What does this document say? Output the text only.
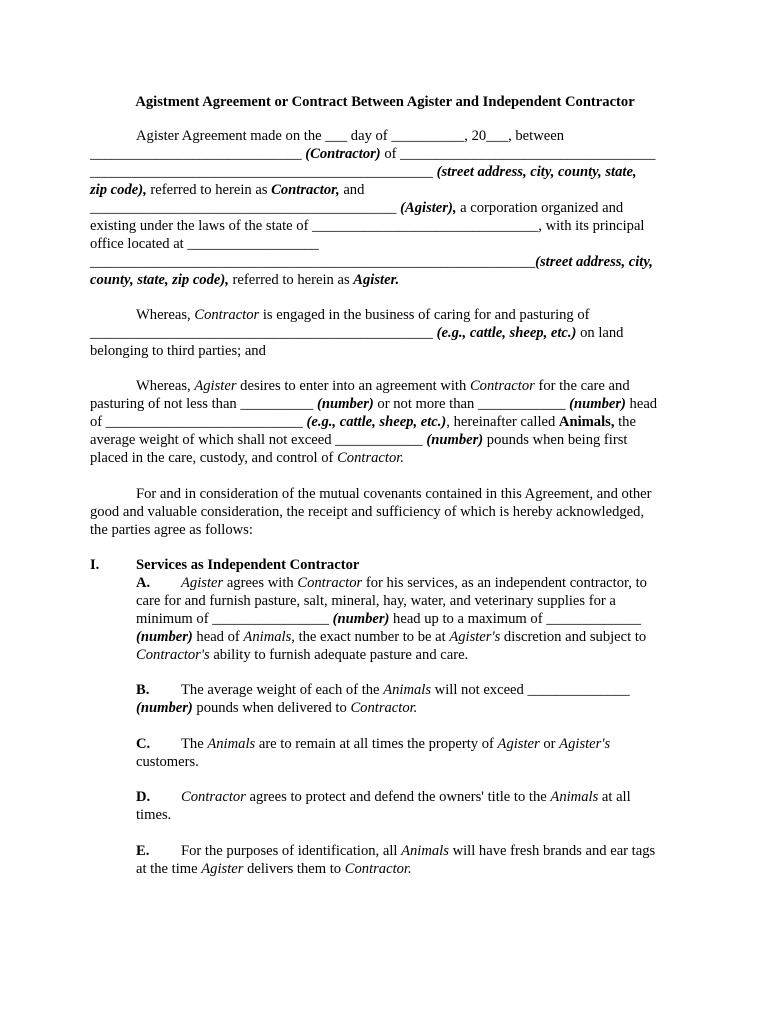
Agistment Agreement or Contract Between Agister and Independent Contractor
Agister Agreement made on the ___ day of __________, 20___, between
_____________________________ (Contractor) of ___________________________________
_______________________________________________ (street address, city, county, state,
zip code), referred to herein as Contractor, and
__________________________________________ (Agister), a corporation organized and
existing under the laws of the state of _______________________________, with its principal
office located at __________________
_____________________________________________________________(street address, city,
county, state, zip code), referred to herein as Agister.
Whereas, Contractor is engaged in the business of caring for and pasturing of
_______________________________________________ (e.g., cattle, sheep, etc.) on land
belonging to third parties; and
Whereas, Agister desires to enter into an agreement with Contractor for the care and
pasturing of not less than __________ (number) or not more than ____________ (number) head
of ___________________________ (e.g., cattle, sheep, etc.), hereinafter called Animals, the
average weight of which shall not exceed ____________ (number) pounds when being first
placed in the care, custody, and control of Contractor.
For and in consideration of the mutual covenants contained in this Agreement, and other
good and valuable consideration, the receipt and sufficiency of which is hereby acknowledged,
the parties agree as follows:
I.	Services as Independent Contractor
A. Agister agrees with Contractor for his services, as an independent contractor, to
care for and furnish pasture, salt, mineral, hay, water, and veterinary supplies for a
minimum of ________________ (number) head up to a maximum of _____________
(number) head of Animals, the exact number to be at Agister's discretion and subject to
Contractor's ability to furnish adequate pasture and care.
B. The average weight of each of the Animals will not exceed ______________
(number) pounds when delivered to Contractor.
C. The Animals are to remain at all times the property of Agister or Agister's
customers.
D. Contractor agrees to protect and defend the owners' title to the Animals at all
times.
E. For the purposes of identification, all Animals will have fresh brands and ear tags
at the time Agister delivers them to Contractor.
